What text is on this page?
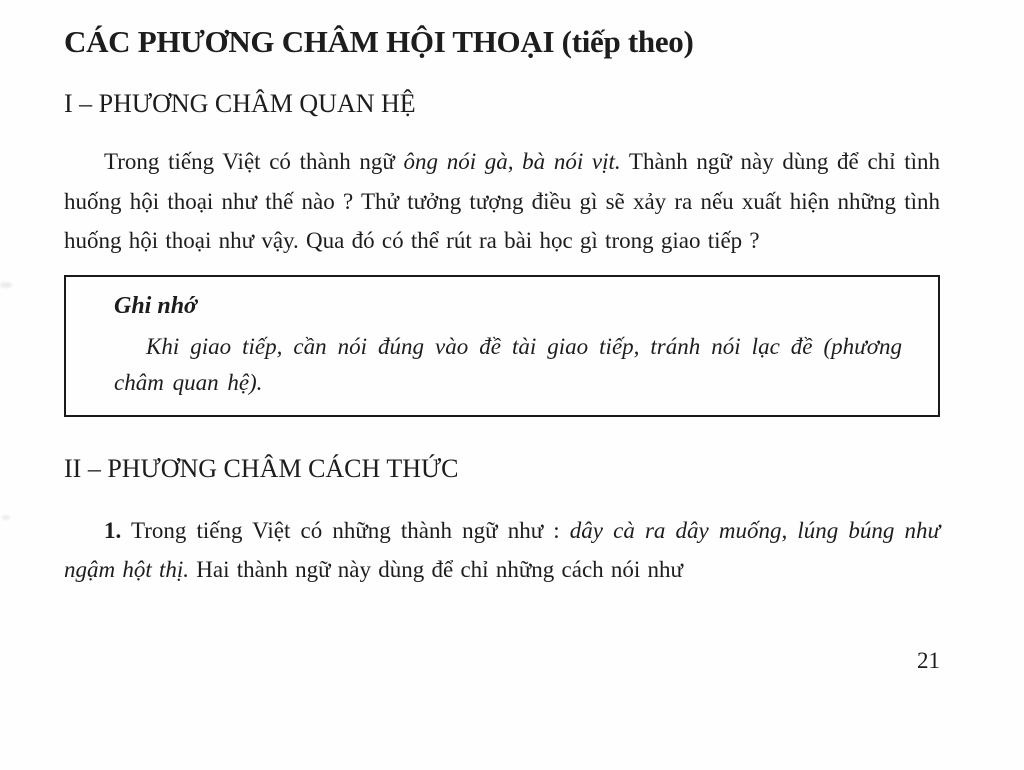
CÁC PHƯƠNG CHÂM HỘI THOẠI (tiếp theo)
I – PHƯƠNG CHÂM QUAN HỆ

Trong tiếng Việt có thành ngữ ông nói gà, bà nói vịt. Thành ngữ này dùng để chỉ tình huống hội thoại như thế nào ? Thử tưởng tượng điều gì sẽ xảy ra nếu xuất hiện những tình huống hội thoại như vậy. Qua đó có thể rút ra bài học gì trong giao tiếp ?

Ghi nhớ

Khi giao tiếp, cần nói đúng vào đề tài giao tiếp, tránh nói lạc đề (phương châm quan hệ).

II – PHƯƠNG CHÂM CÁCH THỨC

1. Trong tiếng Việt có những thành ngữ như : dây cà ra dây muống, lúng búng như ngậm hột thị. Hai thành ngữ này dùng để chỉ những cách nói như

21
